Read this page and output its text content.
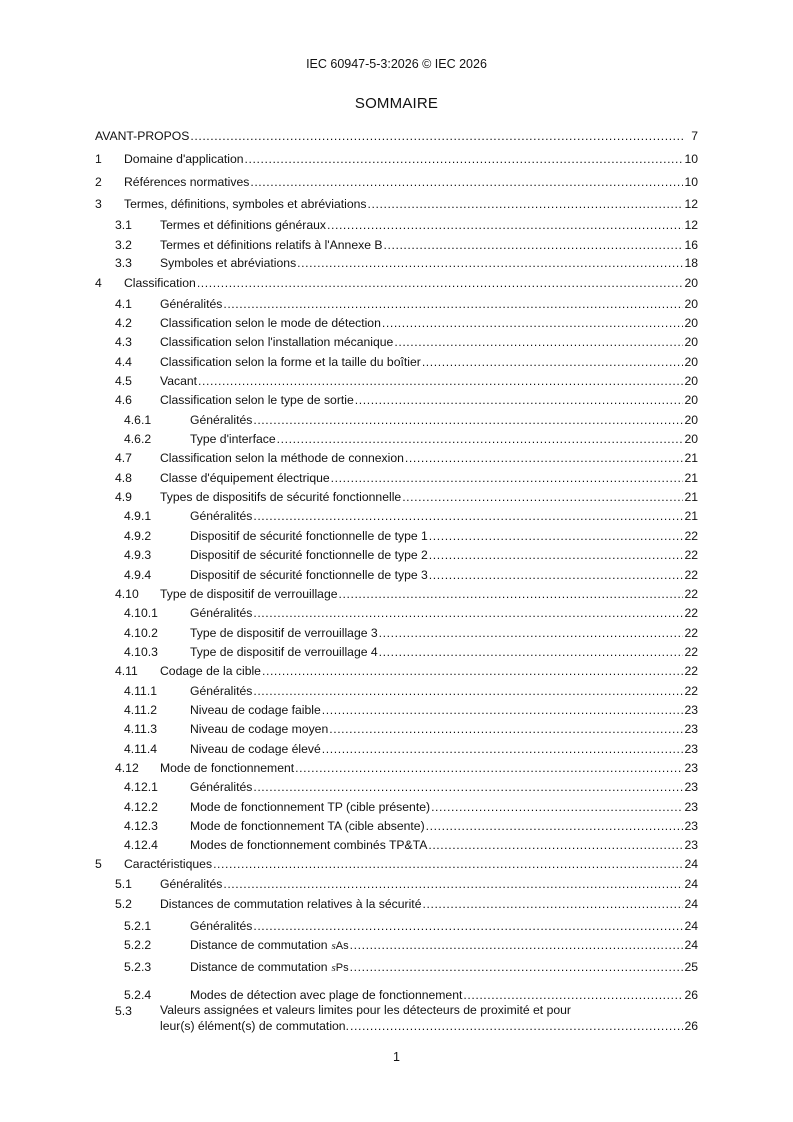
IEC 60947-5-3:2026 © IEC 2026
SOMMAIRE
AVANT-PROPOS .....	7
1 Domaine d'application .....	10
2 Références normatives .....	10
3 Termes, définitions, symboles et abréviations .....	12
3.1 Termes et définitions généraux .....	12
3.2 Termes et définitions relatifs à l'Annexe B .....	16
3.3 Symboles et abréviations .....	18
4 Classification .....	20
4.1 Généralités .....	20
4.2 Classification selon le mode de détection .....	20
4.3 Classification selon l'installation mécanique .....	20
4.4 Classification selon la forme et la taille du boîtier .....	20
4.5 Vacant .....	20
4.6 Classification selon le type de sortie .....	20
4.6.1	Généralités .....	20
4.6.2	Type d'interface .....	20
4.7 Classification selon la méthode de connexion .....	21
4.8 Classe d'équipement électrique .....	21
4.9 Types de dispositifs de sécurité fonctionnelle .....	21
4.9.1	Généralités .....	21
4.9.2	Dispositif de sécurité fonctionnelle de type 1 .....	22
4.9.3	Dispositif de sécurité fonctionnelle de type 2 .....	22
4.9.4	Dispositif de sécurité fonctionnelle de type 3 .....	22
4.10 Type de dispositif de verrouillage .....	22
4.10.1	Généralités .....	22
4.10.2	Type de dispositif de verrouillage 3 .....	22
4.10.3	Type de dispositif de verrouillage 4 .....	22
4.11 Codage de la cible .....	22
4.11.1	Généralités .....	22
4.11.2	Niveau de codage faible .....	23
4.11.3	Niveau de codage moyen .....	23
4.11.4	Niveau de codage élevé .....	23
4.12 Mode de fonctionnement .....	23
4.12.1	Généralités .....	23
4.12.2	Mode de fonctionnement TP (cible présente) .....	23
4.12.3	Mode de fonctionnement TA (cible absente) .....	23
4.12.4	Modes de fonctionnement combinés TP&TA .....	23
5 Caractéristiques .....	24
5.1 Généralités .....	24
5.2 Distances de commutation relatives à la sécurité .....	24
5.2.1	Généralités .....	24
5.2.2	Distance de commutation s As .....	24
5.2.3	Distance de commutation s Ps .....	25
5.2.4	Modes de détection avec plage de fonctionnement .....	26
5.3 Valeurs assignées et valeurs limites pour les détecteurs de proximité et pour
leur(s) élément(s) de commutation. .....	26
1
